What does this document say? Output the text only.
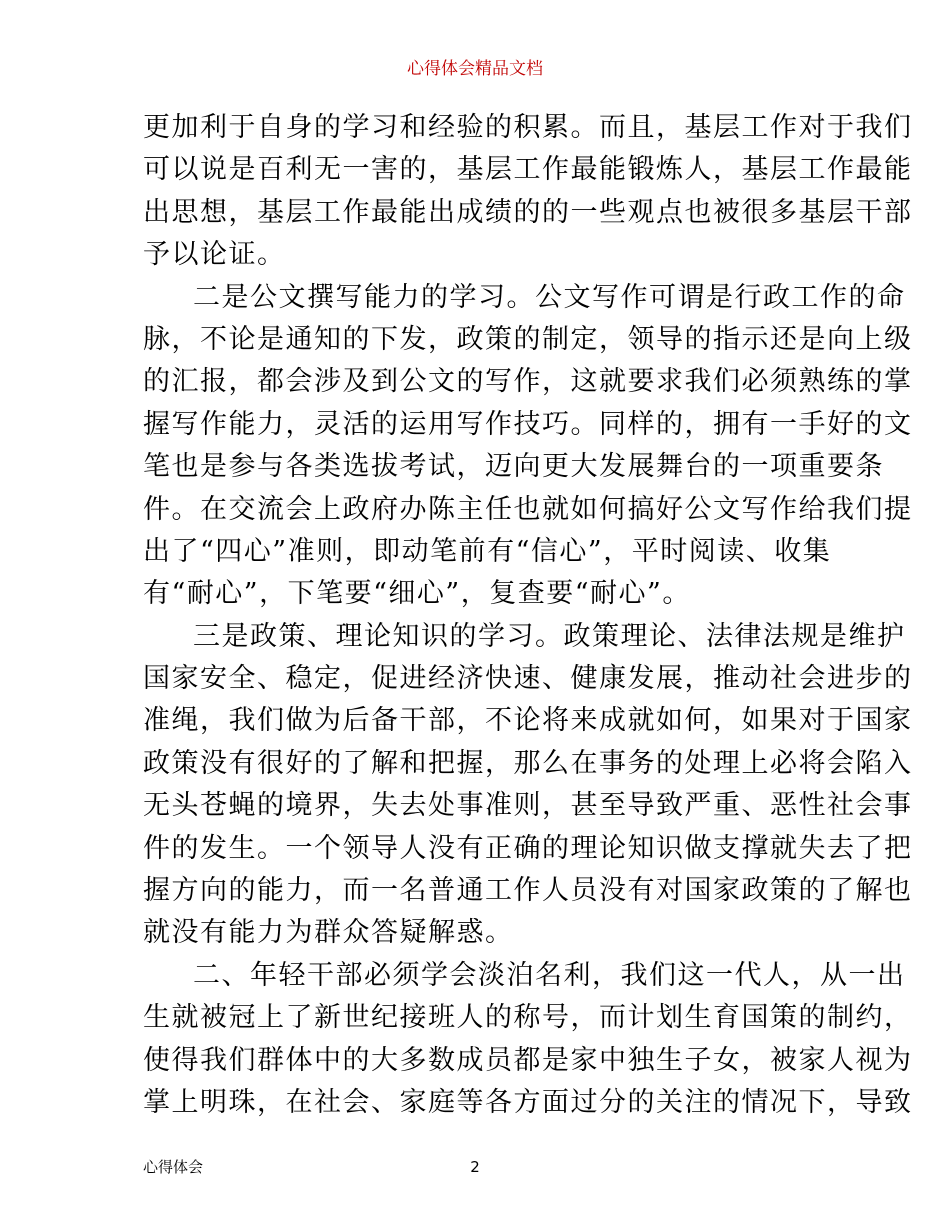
心得体会精品文档
更加利于自身的学习和经验的积累。而且，基层工作对于我们
可以说是百利无一害的，基层工作最能锻炼人，基层工作最能
出思想，基层工作最能出成绩的的一些观点也被很多基层干部
予以论证。
二是公文撰写能力的学习。公文写作可谓是行政工作的命
脉，不论是通知的下发，政策的制定，领导的指示还是向上级
的汇报，都会涉及到公文的写作，这就要求我们必须熟练的掌
握写作能力，灵活的运用写作技巧。同样的，拥有一手好的文
笔也是参与各类选拔考试，迈向更大发展舞台的一项重要条
件。在交流会上政府办陈主任也就如何搞好公文写作给我们提
出了“四心”准则，即动笔前有“信心”，平时阅读、收集
有“耐心”，下笔要“细心”，复查要“耐心”。
三是政策、理论知识的学习。政策理论、法律法规是维护
国家安全、稳定，促进经济快速、健康发展，推动社会进步的
准绳，我们做为后备干部，不论将来成就如何，如果对于国家
政策没有很好的了解和把握，那么在事务的处理上必将会陷入
无头苍蝇的境界，失去处事准则，甚至导致严重、恶性社会事
件的发生。一个领导人没有正确的理论知识做支撑就失去了把
握方向的能力，而一名普通工作人员没有对国家政策的了解也
就没有能力为群众答疑解惑。
二、年轻干部必须学会淡泊名利，我们这一代人，从一出
生就被冠上了新世纪接班人的称号，而计划生育国策的制约，
使得我们群体中的大多数成员都是家中独生子女，被家人视为
掌上明珠，在社会、家庭等各方面过分的关注的情况下，导致
心得体会	2
